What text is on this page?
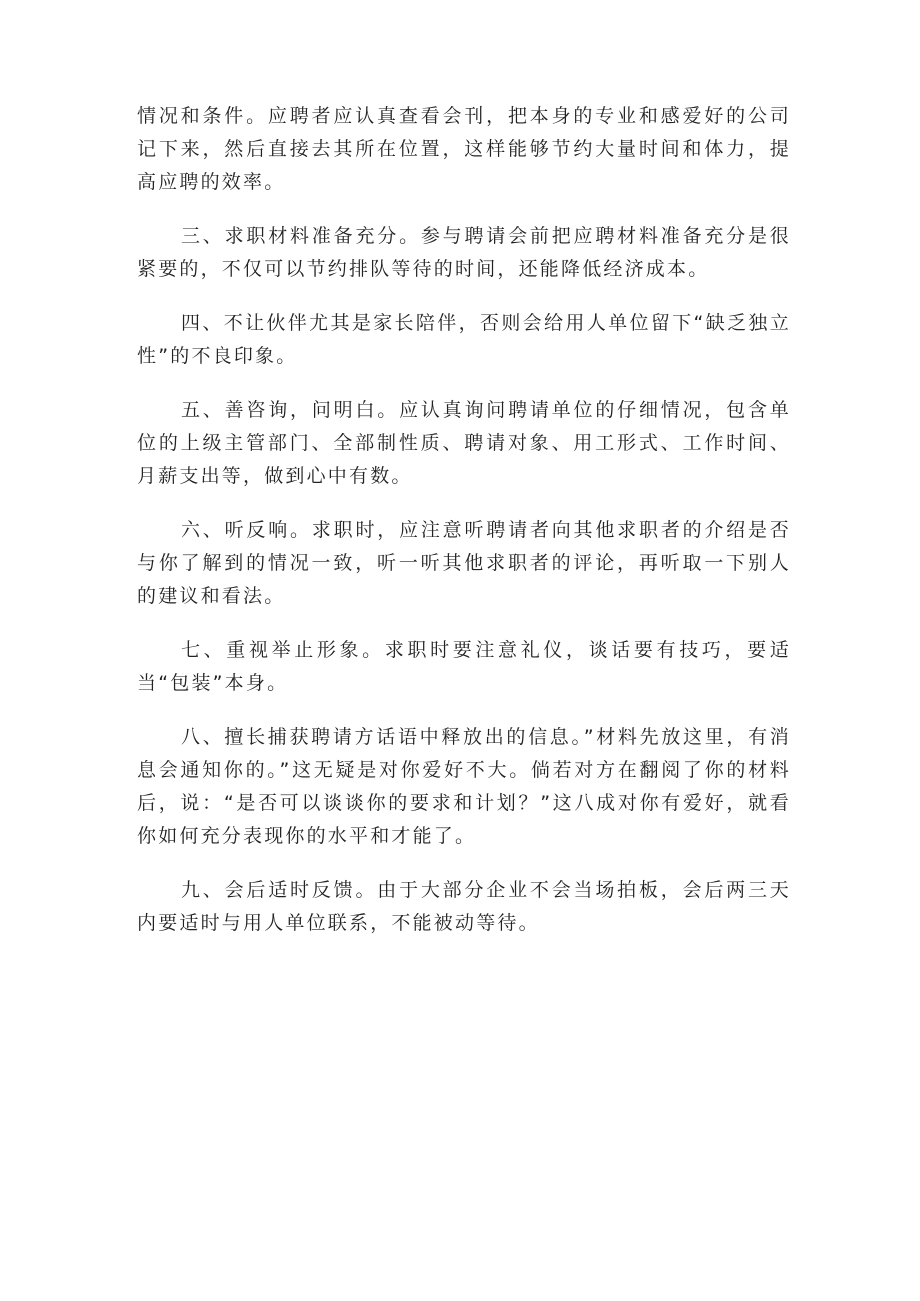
情况和条件。应聘者应认真查看会刊，把本身的专业和感爱好的公司记下来，然后直接去其所在位置，这样能够节约大量时间和体力，提高应聘的效率。

三、求职材料准备充分。参与聘请会前把应聘材料准备充分是很紧要的，不仅可以节约排队等待的时间，还能降低经济成本。

四、不让伙伴尤其是家长陪伴，否则会给用人单位留下“缺乏独立性”的不良印象。

五、善咨询，问明白。应认真询问聘请单位的仔细情况，包含单位的上级主管部门、全部制性质、聘请对象、用工形式、工作时间、月薪支出等，做到心中有数。

六、听反响。求职时，应注意听聘请者向其他求职者的介绍是否与你了解到的情况一致，听一听其他求职者的评论，再听取一下别人的建议和看法。

七、重视举止形象。求职时要注意礼仪，谈话要有技巧，要适当“包装”本身。

八、擅长捕获聘请方话语中释放出的信息。”材料先放这里，有消息会通知你的。”这无疑是对你爱好不大。倘若对方在翻阅了你的材料后，说：“是否可以谈谈你的要求和计划？”这八成对你有爱好，就看你如何充分表现你的水平和才能了。

九、会后适时反馈。由于大部分企业不会当场拍板，会后两三天内要适时与用人单位联系，不能被动等待。
